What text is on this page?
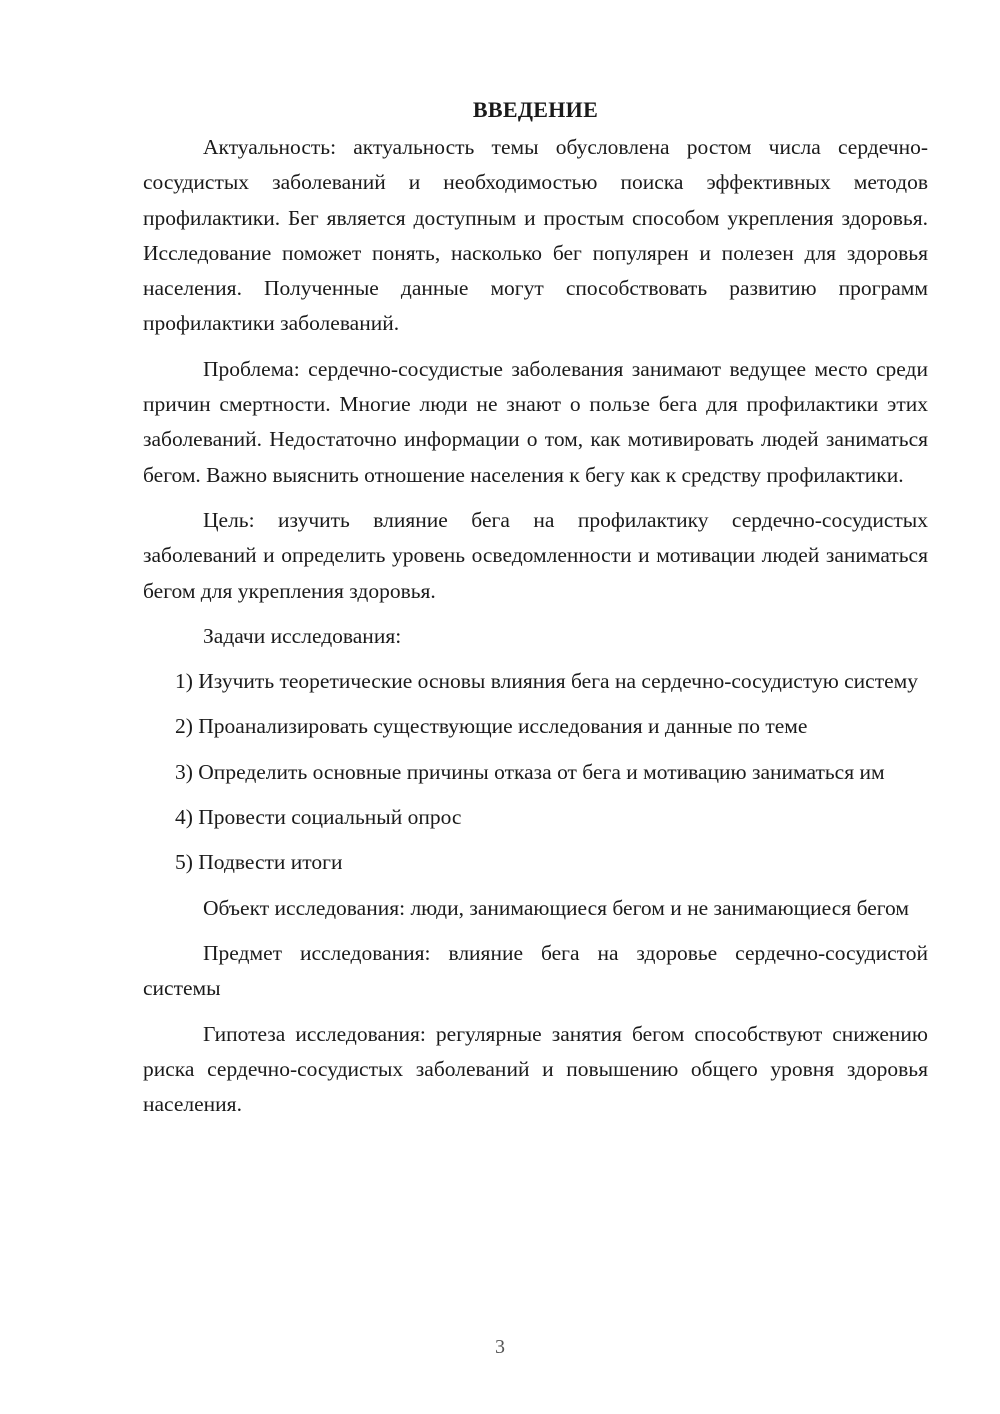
ВВЕДЕНИЕ

Актуальность: актуальность темы обусловлена ростом числа сердечно-сосудистых заболеваний и необходимостью поиска эффективных методов профилактики. Бег является доступным и простым способом укрепления здоровья. Исследование поможет понять, насколько бег популярен и полезен для здоровья населения. Полученные данные могут способствовать развитию программ профилактики заболеваний.

Проблема: сердечно-сосудистые заболевания занимают ведущее место среди причин смертности. Многие люди не знают о пользе бега для профилактики этих заболеваний. Недостаточно информации о том, как мотивировать людей заниматься бегом. Важно выяснить отношение населения к бегу как к средству профилактики.

Цель: изучить влияние бега на профилактику сердечно-сосудистых заболеваний и определить уровень осведомленности и мотивации людей заниматься бегом для укрепления здоровья.

Задачи исследования:

1) Изучить теоретические основы влияния бега на сердечно-сосудистую систему

2) Проанализировать существующие исследования и данные по теме

3) Определить основные причины отказа от бега и мотивацию заниматься им

4) Провести социальный опрос

5) Подвести итоги

Объект исследования: люди, занимающиеся бегом и не занимающиеся бегом

Предмет исследования: влияние бега на здоровье сердечно-сосудистой системы

Гипотеза исследования: регулярные занятия бегом способствуют снижению риска сердечно-сосудистых заболеваний и повышению общего уровня здоровья населения.

3
